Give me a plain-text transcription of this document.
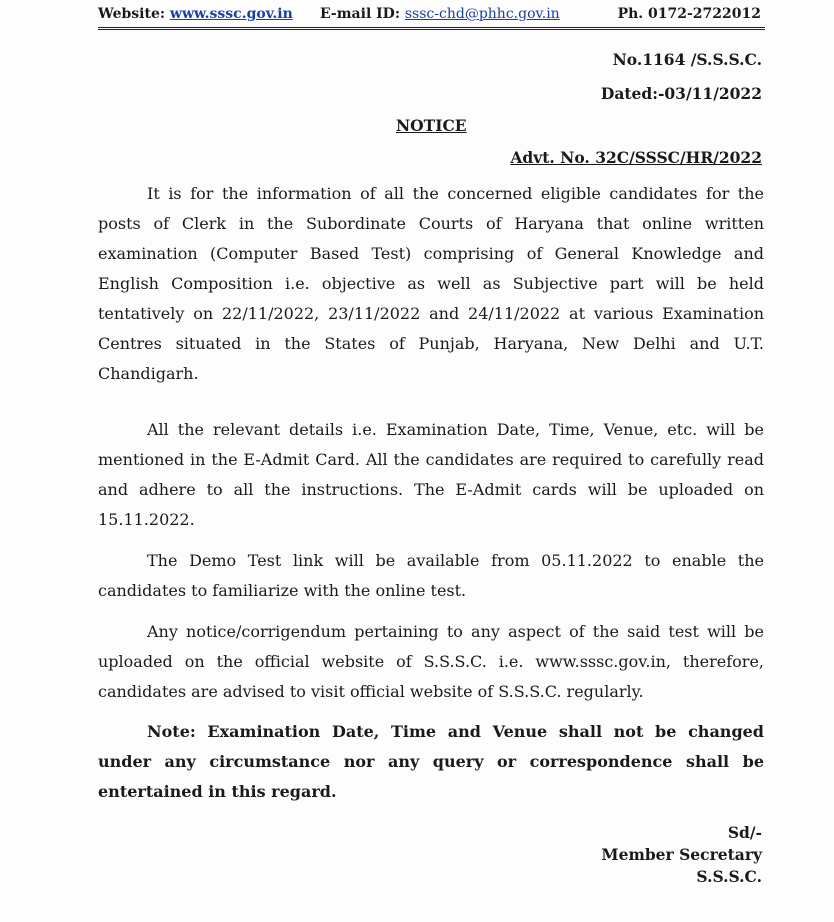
Website: www.sssc.gov.in E-mail ID: sssc-chd@phhc.gov.in	Ph. 0172-2722012
No.1164 /S.S.S.C.
Dated:-03/11/2022
NOTICE
Advt. No. 32C/SSSC/HR/2022

It is for the information of all the concerned eligible candidates for the posts of Clerk in the Subordinate Courts of Haryana that online written examination (Computer Based Test) comprising of General Knowledge and English Composition i.e. objective as well as Subjective part will be held tentatively on 22/11/2022, 23/11/2022 and 24/11/2022 at various Examination Centres situated in the States of Punjab, Haryana, New Delhi and U.T. Chandigarh.

All the relevant details i.e. Examination Date, Time, Venue, etc. will be mentioned in the E-Admit Card. All the candidates are required to carefully read and adhere to all the instructions. The E-Admit cards will be uploaded on 15.11.2022.

The Demo Test link will be available from 05.11.2022 to enable the candidates to familiarize with the online test.

Any notice/corrigendum pertaining to any aspect of the said test will be uploaded on the official website of S.S.S.C. i.e. www.sssc.gov.in, therefore, candidates are advised to visit official website of S.S.S.C. regularly.

Note: Examination Date, Time and Venue shall not be changed under any circumstance nor any query or correspondence shall be entertained in this regard.

Sd/-
Member Secretary
S.S.S.C.
